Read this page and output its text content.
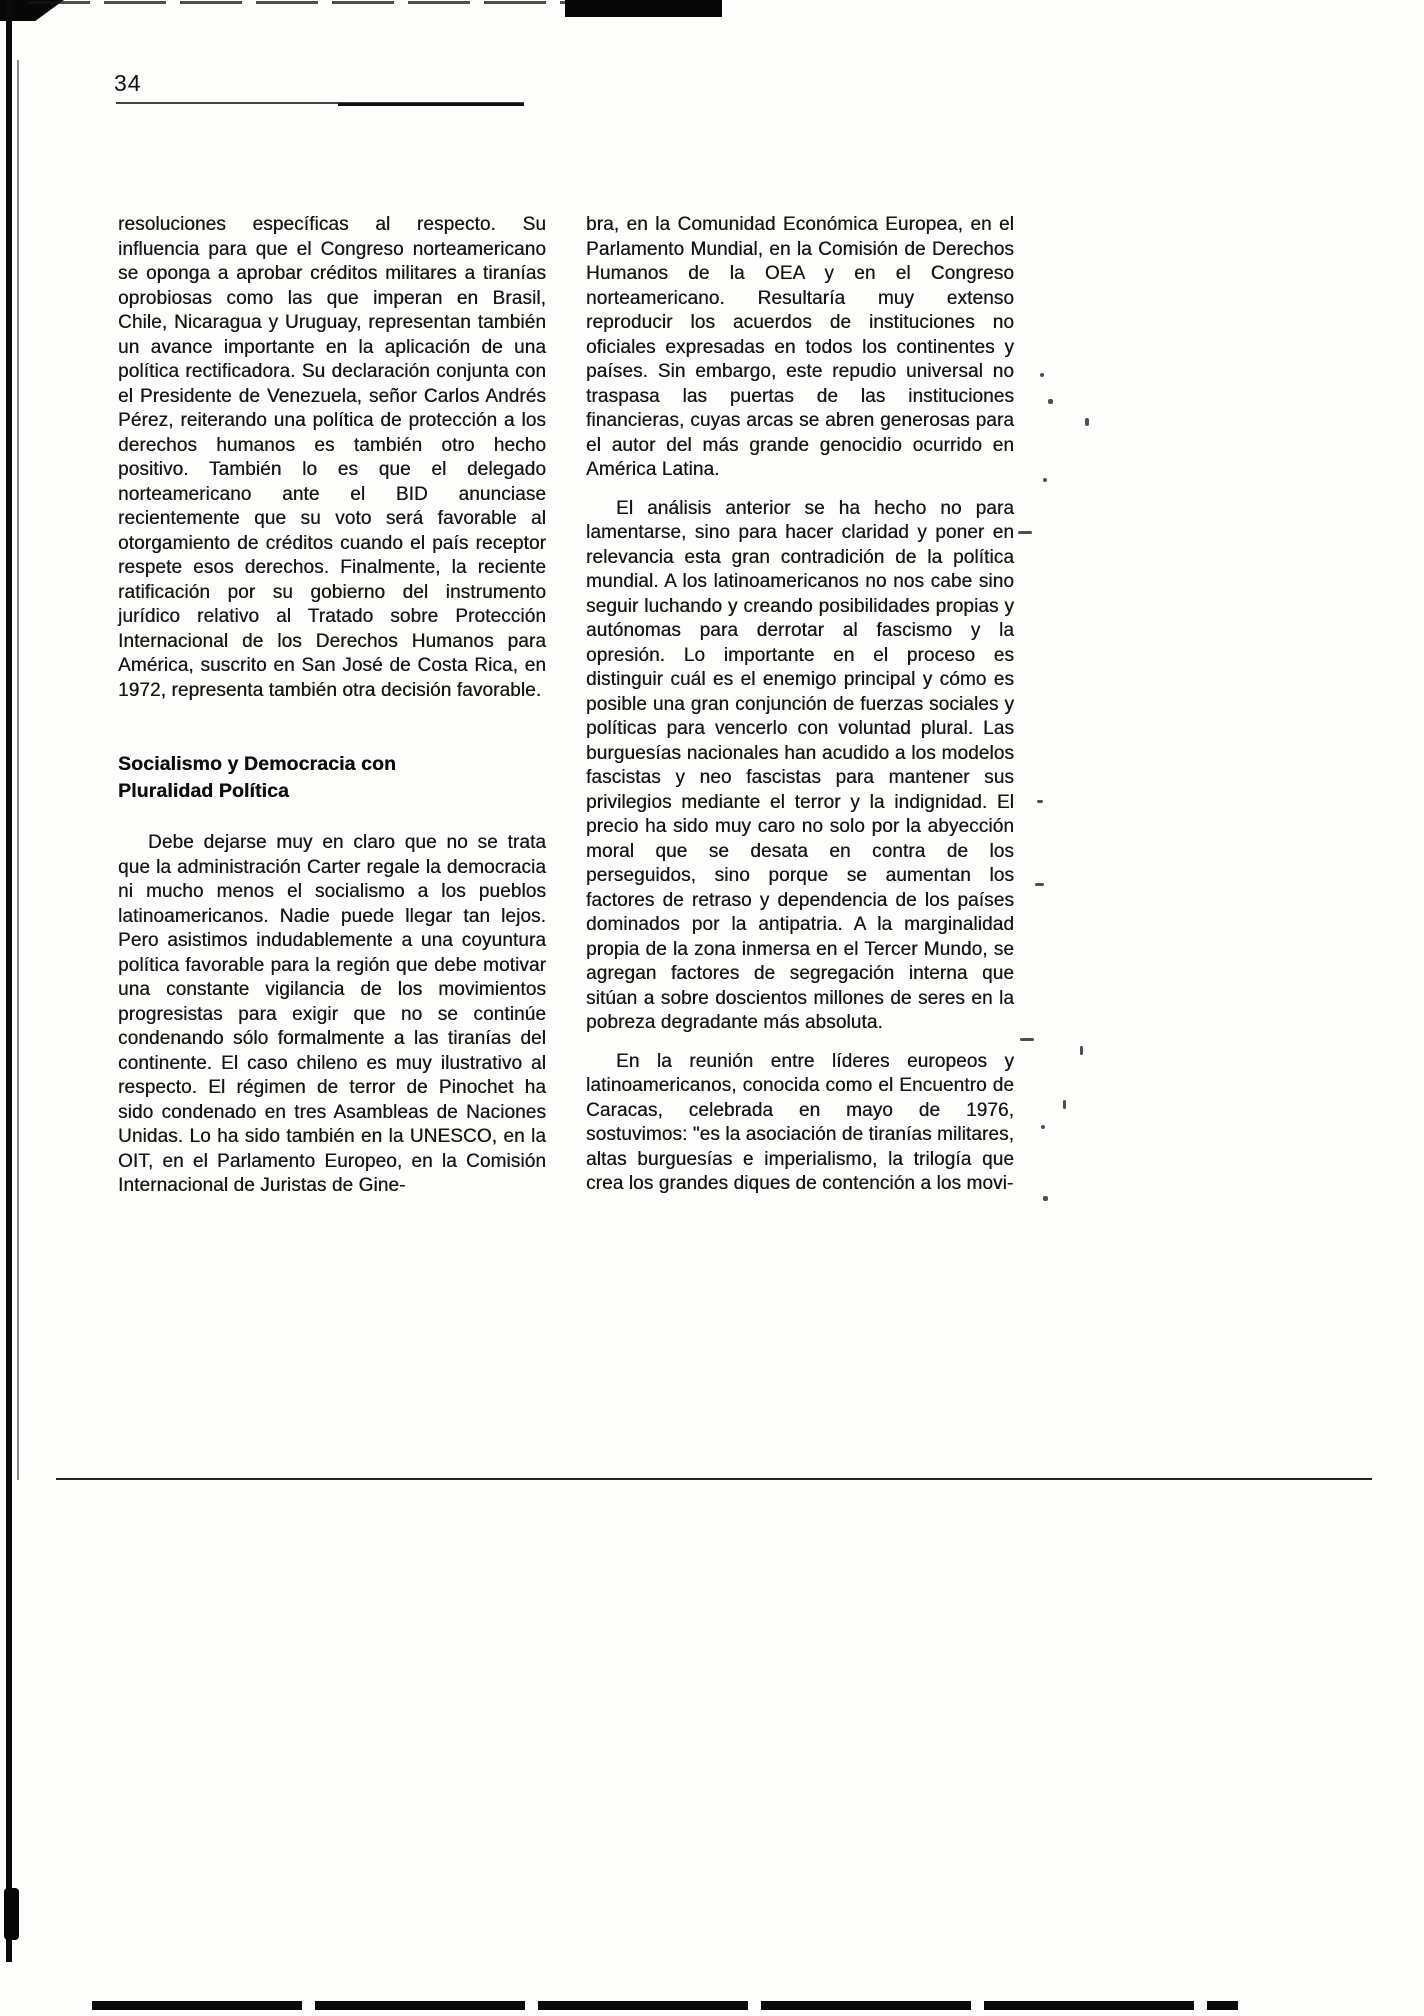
34

resoluciones específicas al respecto. Su influencia para que el Congreso norteamericano se oponga a aprobar créditos militares a tiranías oprobiosas como las que imperan en Brasil, Chile, Nicaragua y Uruguay, representan también un avance importante en la aplicación de una política rectificadora. Su declaración conjunta con el Presidente de Venezuela, señor Carlos Andrés Pérez, reiterando una política de protección a los derechos humanos es también otro hecho positivo. También lo es que el delegado norteamericano ante el BID anunciase recientemente que su voto será favorable al otorgamiento de créditos cuando el país receptor respete esos derechos. Finalmente, la reciente ratificación por su gobierno del instrumento jurídico relativo al Tratado sobre Protección Internacional de los Derechos Humanos para América, suscrito en San José de Costa Rica, en 1972, representa también otra decisión favorable.

Socialismo y Democracia con
Pluralidad Política

Debe dejarse muy en claro que no se trata que la administración Carter regale la democracia ni mucho menos el socialismo a los pueblos latinoamericanos. Nadie puede llegar tan lejos. Pero asistimos indudablemente a una coyuntura política favorable para la región que debe motivar una constante vigilancia de los movimientos progresistas para exigir que no se continúe condenando sólo formalmente a las tiranías del continente. El caso chileno es muy ilustrativo al respecto. El régimen de terror de Pinochet ha sido condenado en tres Asambleas de Naciones Unidas. Lo ha sido también en la UNESCO, en la OIT, en el Parlamento Europeo, en la Comisión Internacional de Juristas de Gine-

bra, en la Comunidad Económica Europea, en el Parlamento Mundial, en la Comisión de Derechos Humanos de la OEA y en el Congreso norteamericano. Resultaría muy extenso reproducir los acuerdos de instituciones no oficiales expresadas en todos los continentes y países. Sin embargo, este repudio universal no traspasa las puertas de las instituciones financieras, cuyas arcas se abren generosas para el autor del más grande genocidio ocurrido en América Latina.

El análisis anterior se ha hecho no para lamentarse, sino para hacer claridad y poner en relevancia esta gran contradición de la política mundial. A los latinoamericanos no nos cabe sino seguir luchando y creando posibilidades propias y autónomas para derrotar al fascismo y la opresión. Lo importante en el proceso es distinguir cuál es el enemigo principal y cómo es posible una gran conjunción de fuerzas sociales y políticas para vencerlo con voluntad plural. Las burguesías nacionales han acudido a los modelos fascistas y neo fascistas para mantener sus privilegios mediante el terror y la indignidad. El precio ha sido muy caro no solo por la abyección moral que se desata en contra de los perseguidos, sino porque se aumentan los factores de retraso y dependencia de los países dominados por la antipatria. A la marginalidad propia de la zona inmersa en el Tercer Mundo, se agregan factores de segregación interna que sitúan a sobre doscientos millones de seres en la pobreza degradante más absoluta.

En la reunión entre líderes europeos y latinoamericanos, conocida como el Encuentro de Caracas, celebrada en mayo de 1976, sostuvimos: "es la asociación de tiranías militares, altas burguesías e imperialismo, la trilogía que crea los grandes diques de contención a los movi-
